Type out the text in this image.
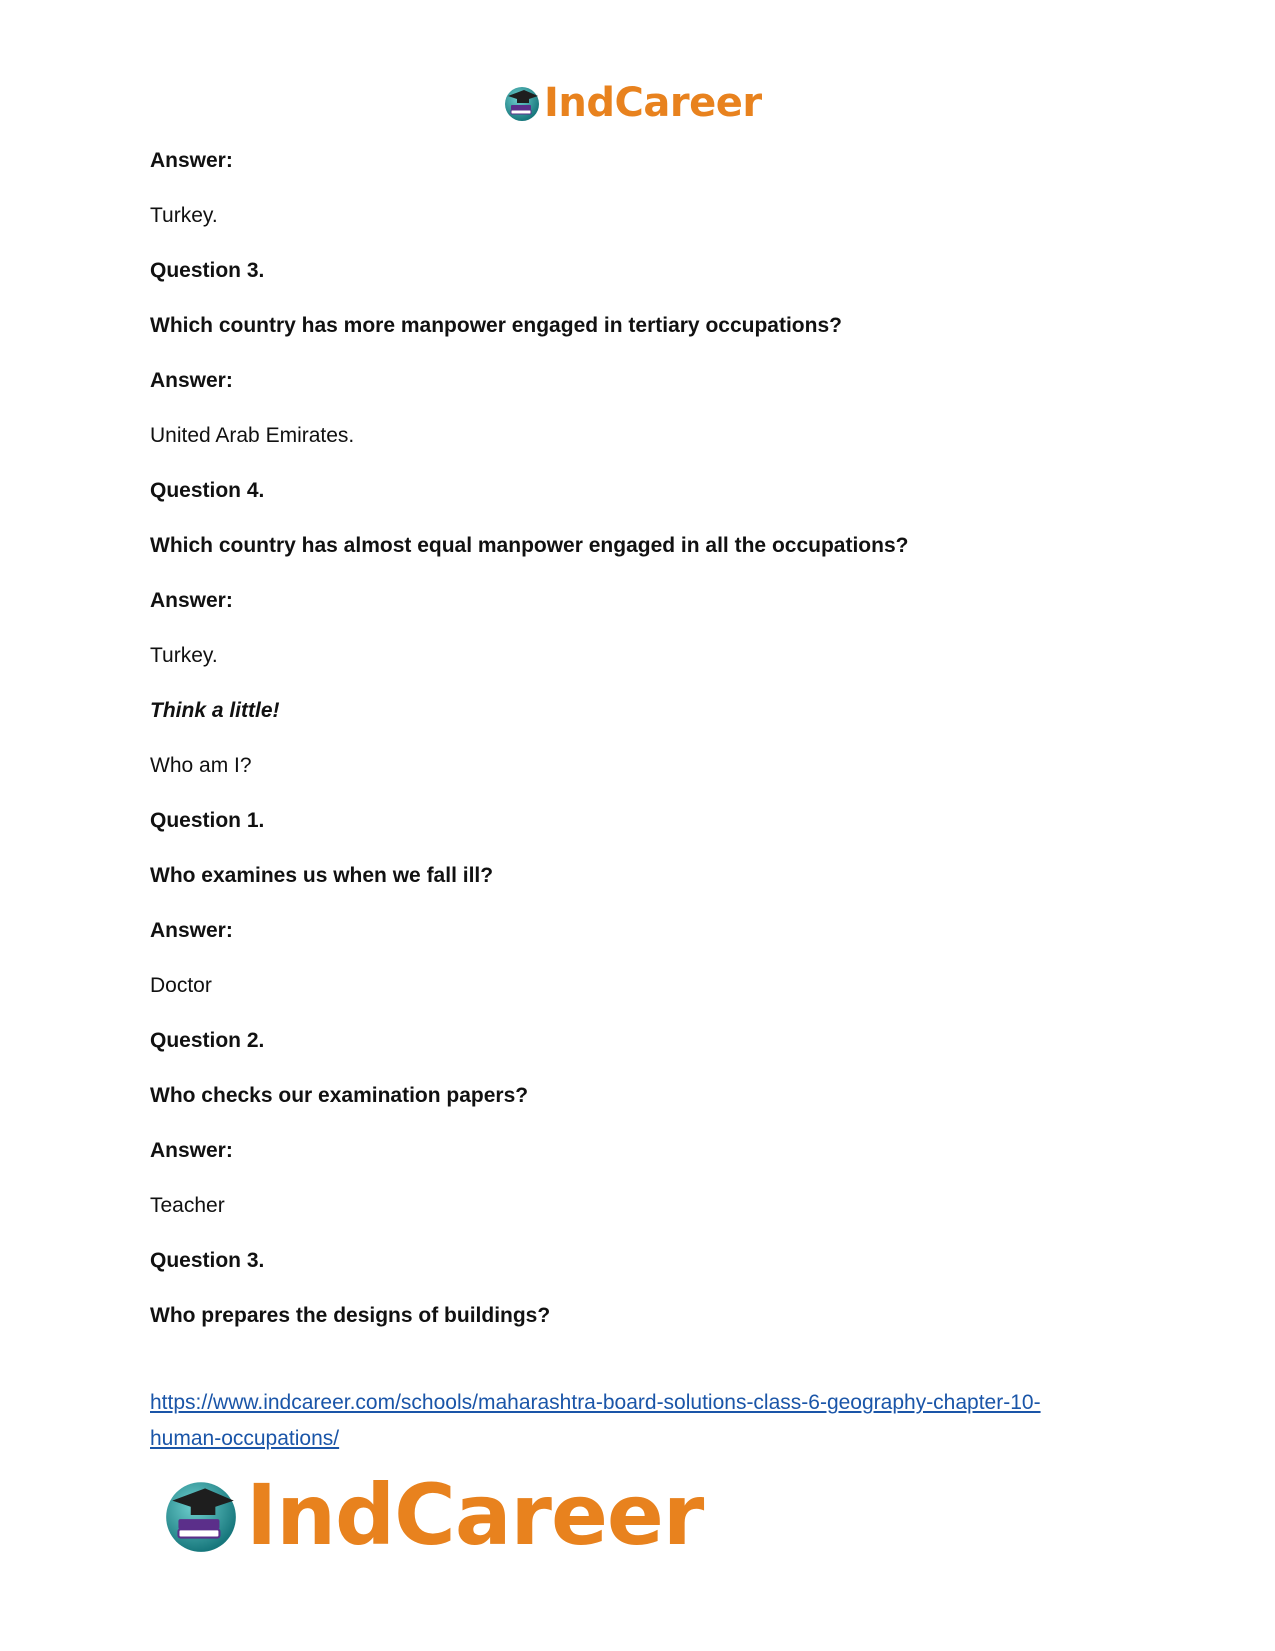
IndCareer
Answer:
Turkey.
Question 3.
Which country has more manpower engaged in tertiary occupations?
Answer:
United Arab Emirates.
Question 4.
Which country has almost equal manpower engaged in all the occupations?
Answer:
Turkey.
Think a little!
Who am I?
Question 1.
Who examines us when we fall ill?
Answer:
Doctor
Question 2.
Who checks our examination papers?
Answer:
Teacher
Question 3.
Who prepares the designs of buildings?
https://www.indcareer.com/schools/maharashtra-board-solutions-class-6-geography-chapter-10-
human-occupations/
IndCareer
